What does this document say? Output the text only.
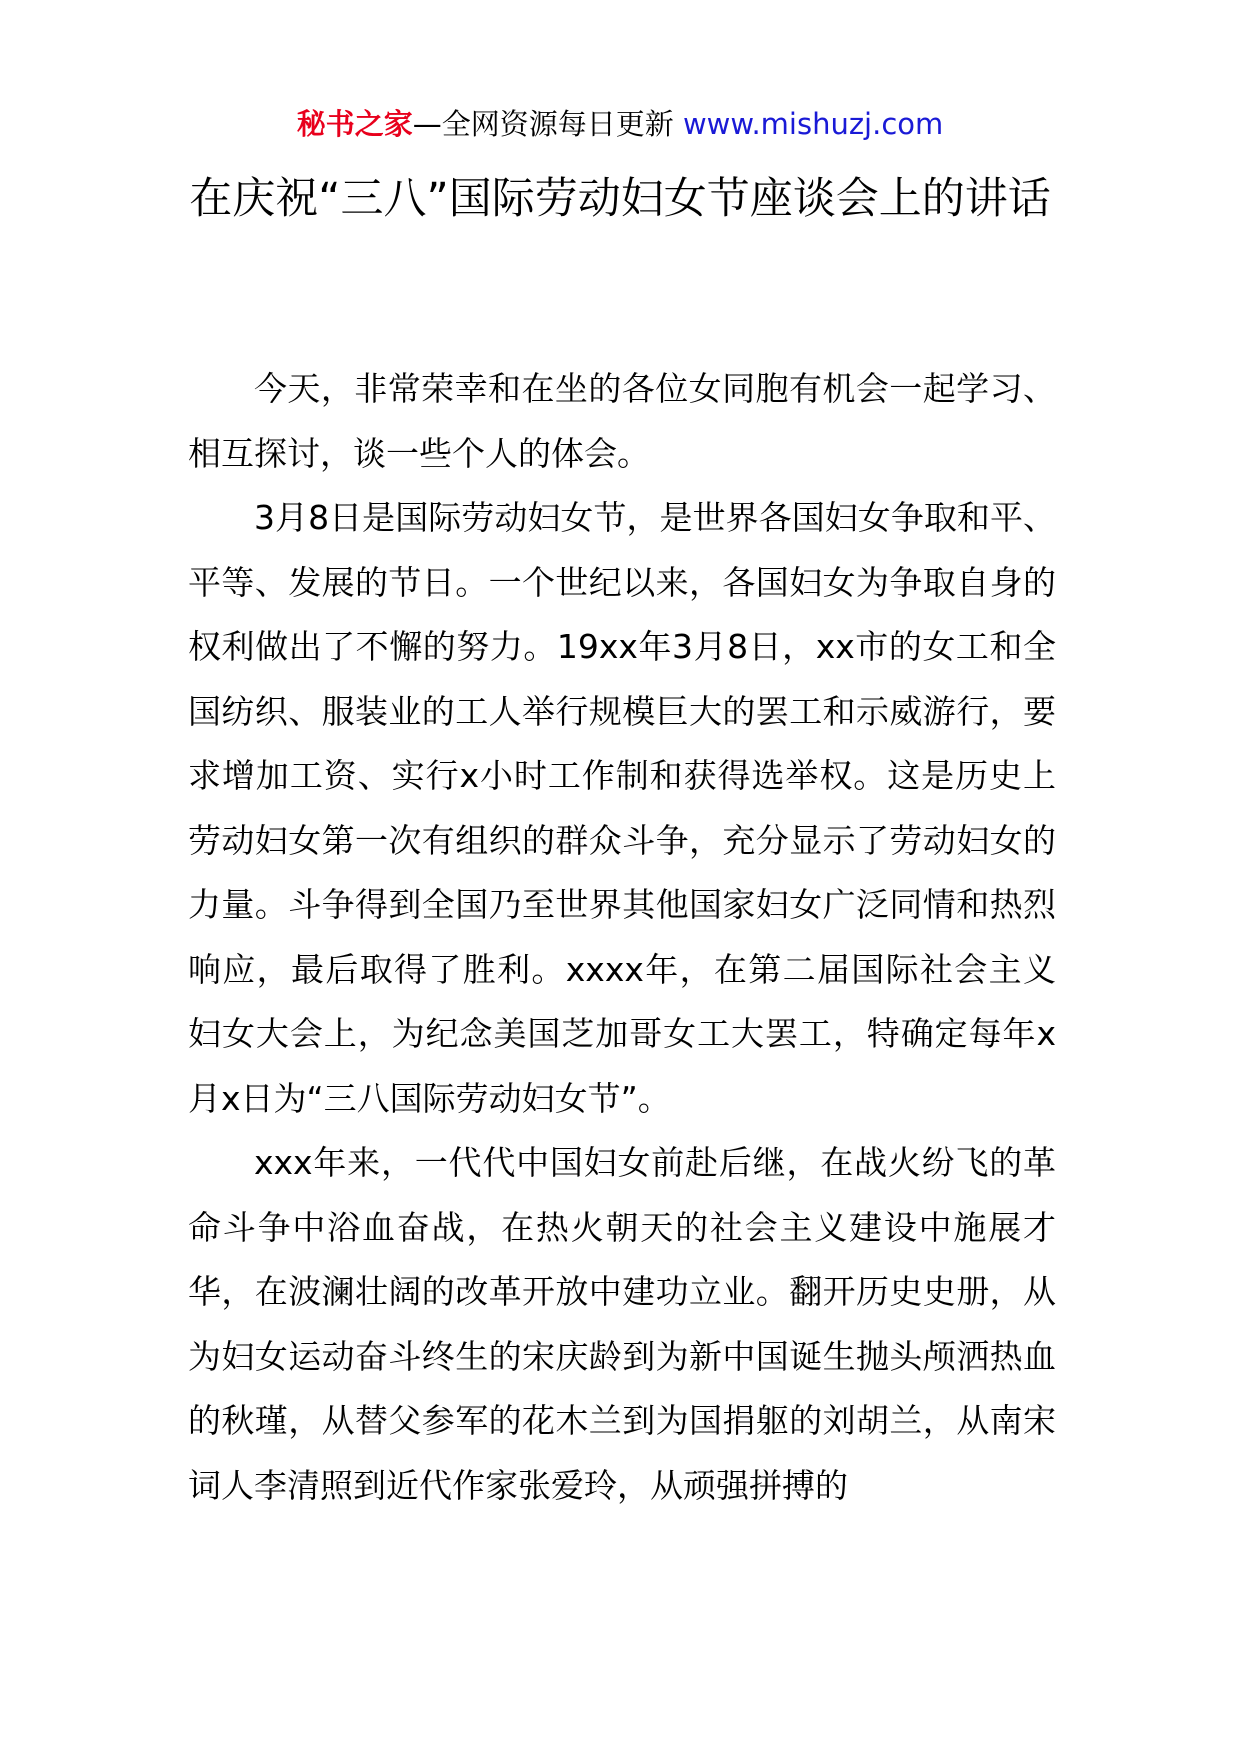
秘书之家—全网资源每日更新 www.mishuzj.com
在庆祝“三八”国际劳动妇女节座谈会上的讲话

今天，非常荣幸和在坐的各位女同胞有机会一起学习、相互探讨，谈一些个人的体会。

3月8日是国际劳动妇女节，是世界各国妇女争取和平、平等、发展的节日。一个世纪以来，各国妇女为争取自身的权利做出了不懈的努力。19xx年3月8日，xx市的女工和全国纺织、服装业的工人举行规模巨大的罢工和示威游行，要求增加工资、实行x小时工作制和获得选举权。这是历史上劳动妇女第一次有组织的群众斗争，充分显示了劳动妇女的力量。斗争得到全国乃至世界其他国家妇女广泛同情和热烈响应，最后取得了胜利。xxxx年，在第二届国际社会主义妇女大会上，为纪念美国芝加哥女工大罢工，特确定每年x月x日为“三八国际劳动妇女节”。

xxx年来，一代代中国妇女前赴后继，在战火纷飞的革命斗争中浴血奋战，在热火朝天的社会主义建设中施展才华，在波澜壮阔的改革开放中建功立业。翻开历史史册，从为妇女运动奋斗终生的宋庆龄到为新中国诞生抛头颅洒热血的秋瑾，从替父参军的花木兰到为国捐躯的刘胡兰，从南宋词人李清照到近代作家张爱玲，从顽强拼搏的
